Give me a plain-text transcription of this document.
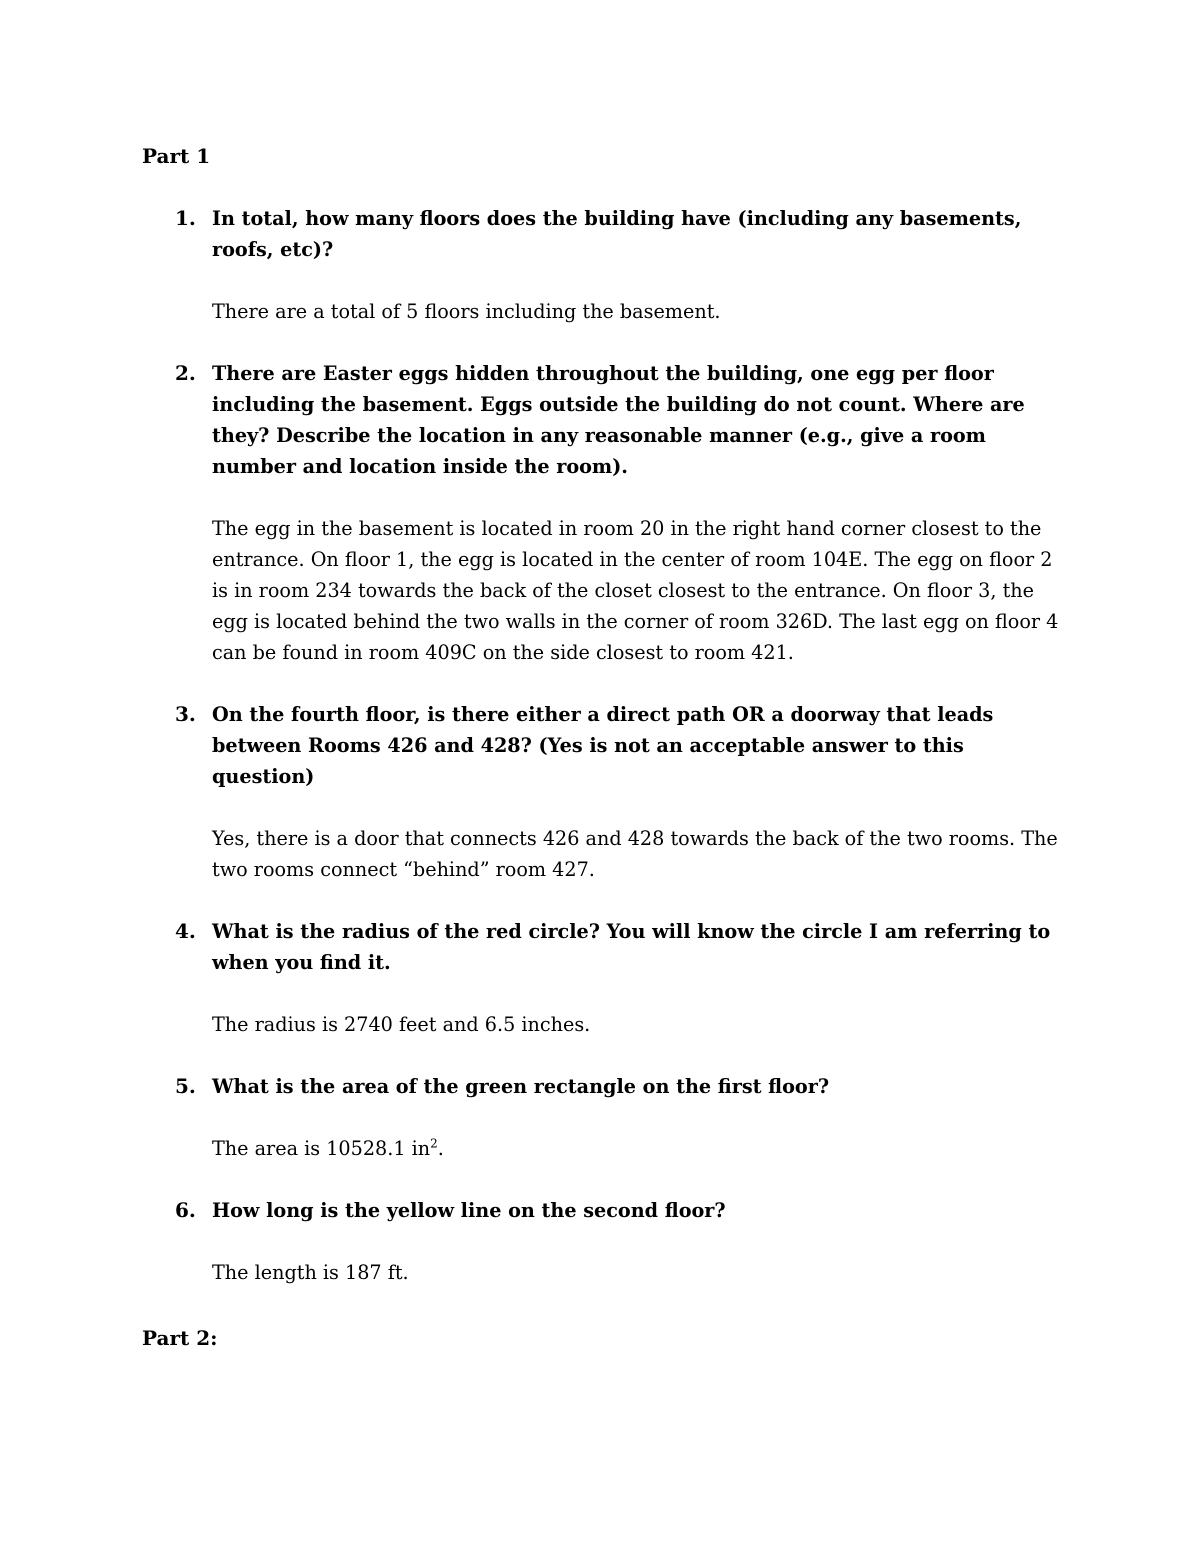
Part 1
1. In total, how many floors does the building have (including any basements, roofs, etc)?

There are a total of 5 floors including the basement.

2. There are Easter eggs hidden throughout the building, one egg per floor including the basement. Eggs outside the building do not count. Where are they? Describe the location in any reasonable manner (e.g., give a room number and location inside the room).

The egg in the basement is located in room 20 in the right hand corner closest to the entrance. On floor 1, the egg is located in the center of room 104E. The egg on floor 2 is in room 234 towards the back of the closet closest to the entrance. On floor 3, the egg is located behind the two walls in the corner of room 326D. The last egg on floor 4 can be found in room 409C on the side closest to room 421.

3. On the fourth floor, is there either a direct path OR a doorway that leads between Rooms 426 and 428? (Yes is not an acceptable answer to this question)

Yes, there is a door that connects 426 and 428 towards the back of the two rooms. The two rooms connect “behind” room 427.

4. What is the radius of the red circle? You will know the circle I am referring to when you find it.

The radius is 2740 feet and 6.5 inches.

5. What is the area of the green rectangle on the first floor?

The area is 10528.1 $in^2$.

6. How long is the yellow line on the second floor?

The length is 187 ft.

Part 2:
